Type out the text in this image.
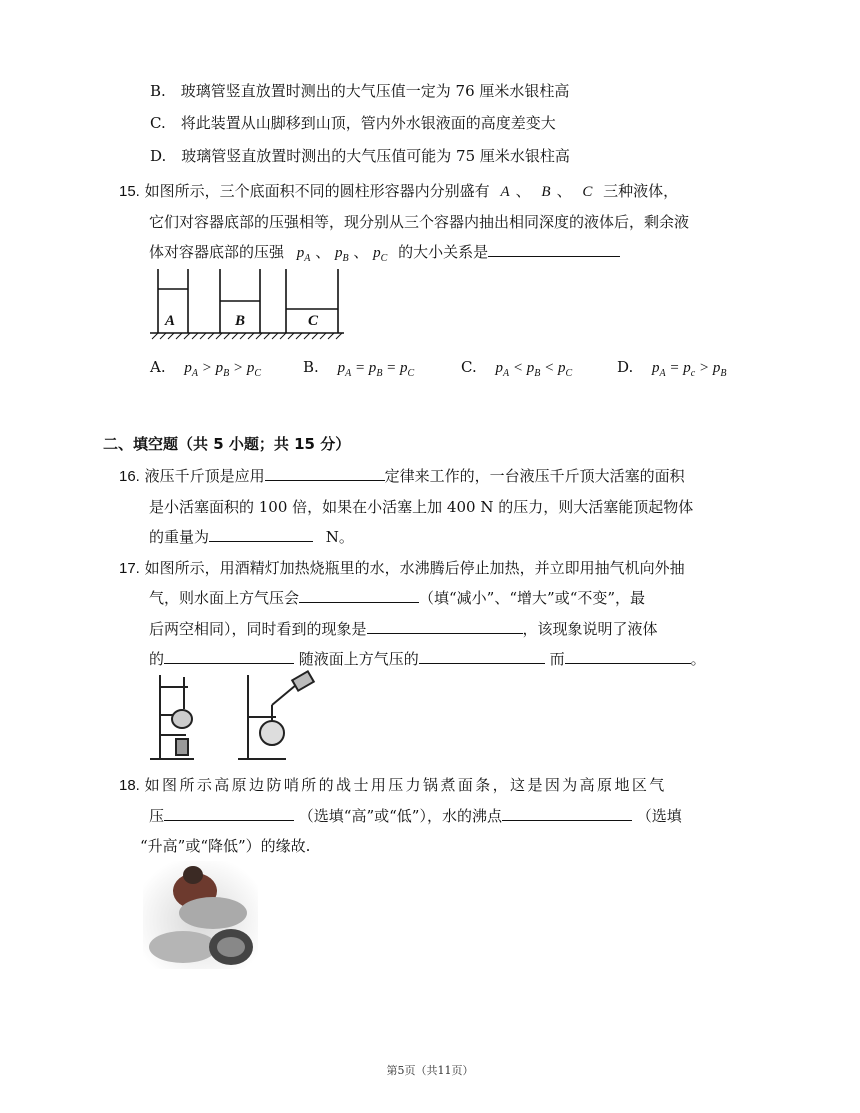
B.　玻璃管竖直放置时测出的大气压值一定为 76 厘米水银柱高
C.　将此装置从山脚移到山顶，管内外水银液面的高度差变大
D.　玻璃管竖直放置时测出的大气压值可能为 75 厘米水银柱高
15. 如图所示，三个底面积不同的圆柱形容器内分别盛有 A 、 B 、 C 三种液体，
它们对容器底部的压强相等，现分别从三个容器内抽出相同深度的液体后，剩余液
体对容器底部的压强 $p_A$ 、 $p_B$ 、 $p_C$ 的大小关系是
A	B	C
A. $p_A > p_B > p_C$	B. $p_A = p_B = p_C$	C. $p_A < p_B < p_C$	D. $p_A = p_c > p_B$
二、填空题（共 5 小题；共 15 分）
16. 液压千斤顶是应用	定律来工作的，一台液压千斤顶大活塞的面积
是小活塞面积的 100 倍，如果在小活塞上加 400 N 的压力，则大活塞能顶起物体
的重量为	N。
17. 如图所示，用酒精灯加热烧瓶里的水，水沸腾后停止加热，并立即用抽气机向外抽
气，则水面上方气压会	（填“减小”、“增大”或“不变”，最
后两空相同），同时看到的现象是	，该现象说明了液体
的	随液面上方气压的	而	。
18. 如图所示高原边防哨所的战士用压力锅煮面条，这是因为高原地区气
压	（选填“高”或“低”），水的沸点	（选填
“升高”或“降低”）的缘故.
第5页（共11页）
